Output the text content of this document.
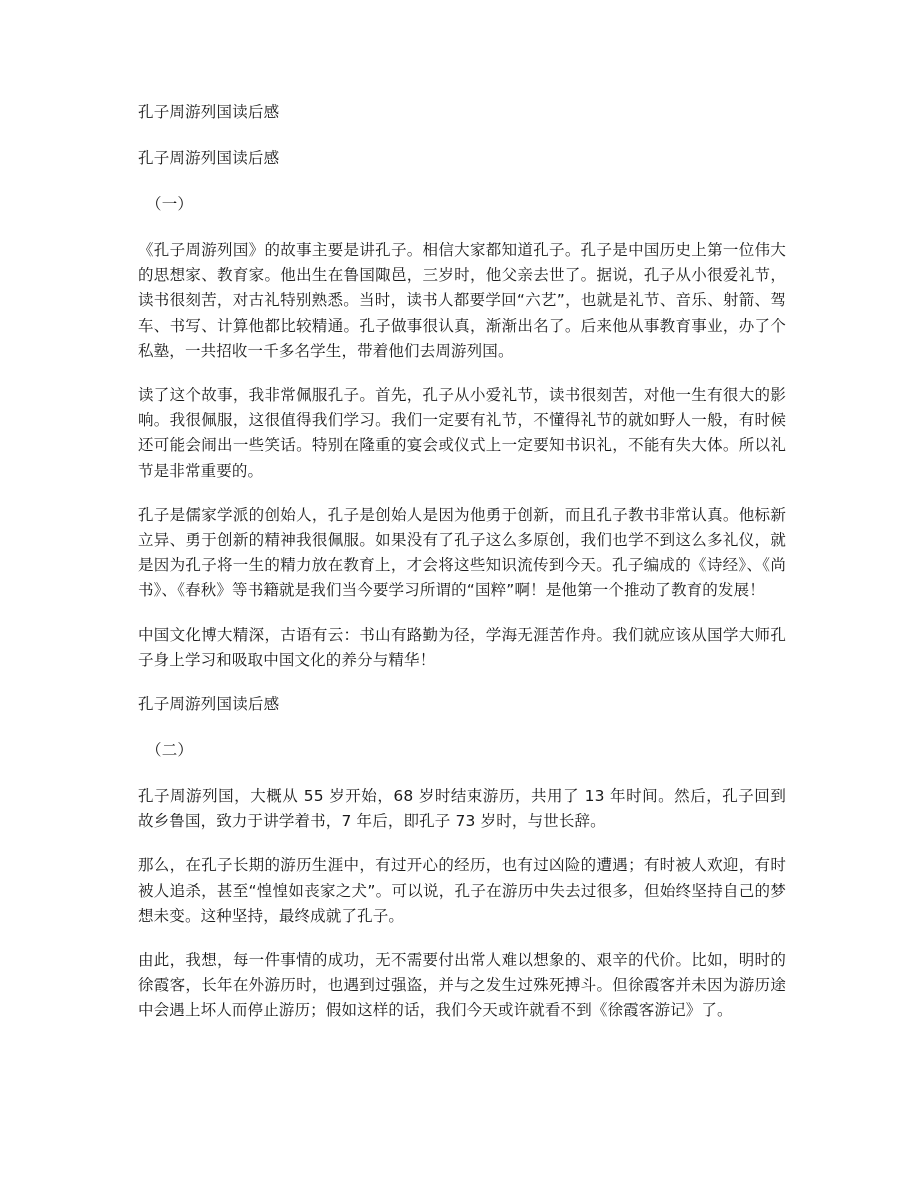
孔子周游列国读后感

孔子周游列国读后感

（一）

《孔子周游列国》的故事主要是讲孔子。相信大家都知道孔子。孔子是中国历史上第一位伟大的思想家、教育家。他出生在鲁国陬邑，三岁时，他父亲去世了。据说，孔子从小很爱礼节，读书很刻苦，对古礼特别熟悉。当时，读书人都要学回“六艺”，也就是礼节、音乐、射箭、驾车、书写、计算他都比较精通。孔子做事很认真，渐渐出名了。后来他从事教育事业，办了个私塾，一共招收一千多名学生，带着他们去周游列国。

读了这个故事，我非常佩服孔子。首先，孔子从小爱礼节，读书很刻苦，对他一生有很大的影响。我很佩服，这很值得我们学习。我们一定要有礼节，不懂得礼节的就如野人一般，有时候还可能会闹出一些笑话。特别在隆重的宴会或仪式上一定要知书识礼，不能有失大体。所以礼节是非常重要的。

孔子是儒家学派的创始人，孔子是创始人是因为他勇于创新，而且孔子教书非常认真。他标新立异、勇于创新的精神我很佩服。如果没有了孔子这么多原创，我们也学不到这么多礼仪，就是因为孔子将一生的精力放在教育上，才会将这些知识流传到今天。孔子编成的《诗经》、《尚书》、《春秋》等书籍就是我们当今要学习所谓的“国粹”啊！是他第一个推动了教育的发展！

中国文化博大精深，古语有云：书山有路勤为径，学海无涯苦作舟。我们就应该从国学大师孔子身上学习和吸取中国文化的养分与精华！

孔子周游列国读后感

（二）

孔子周游列国，大概从 55 岁开始，68 岁时结束游历，共用了 13 年时间。然后，孔子回到故乡鲁国，致力于讲学着书，7 年后，即孔子 73 岁时，与世长辞。

那么，在孔子长期的游历生涯中，有过开心的经历，也有过凶险的遭遇；有时被人欢迎，有时被人追杀，甚至“惶惶如丧家之犬”。可以说，孔子在游历中失去过很多，但始终坚持自己的梦想未变。这种坚持，最终成就了孔子。

由此，我想，每一件事情的成功，无不需要付出常人难以想象的、艰辛的代价。比如，明时的徐霞客，长年在外游历时，也遇到过强盗，并与之发生过殊死搏斗。但徐霞客并未因为游历途中会遇上坏人而停止游历；假如这样的话，我们今天或许就看不到《徐霞客游记》了。
